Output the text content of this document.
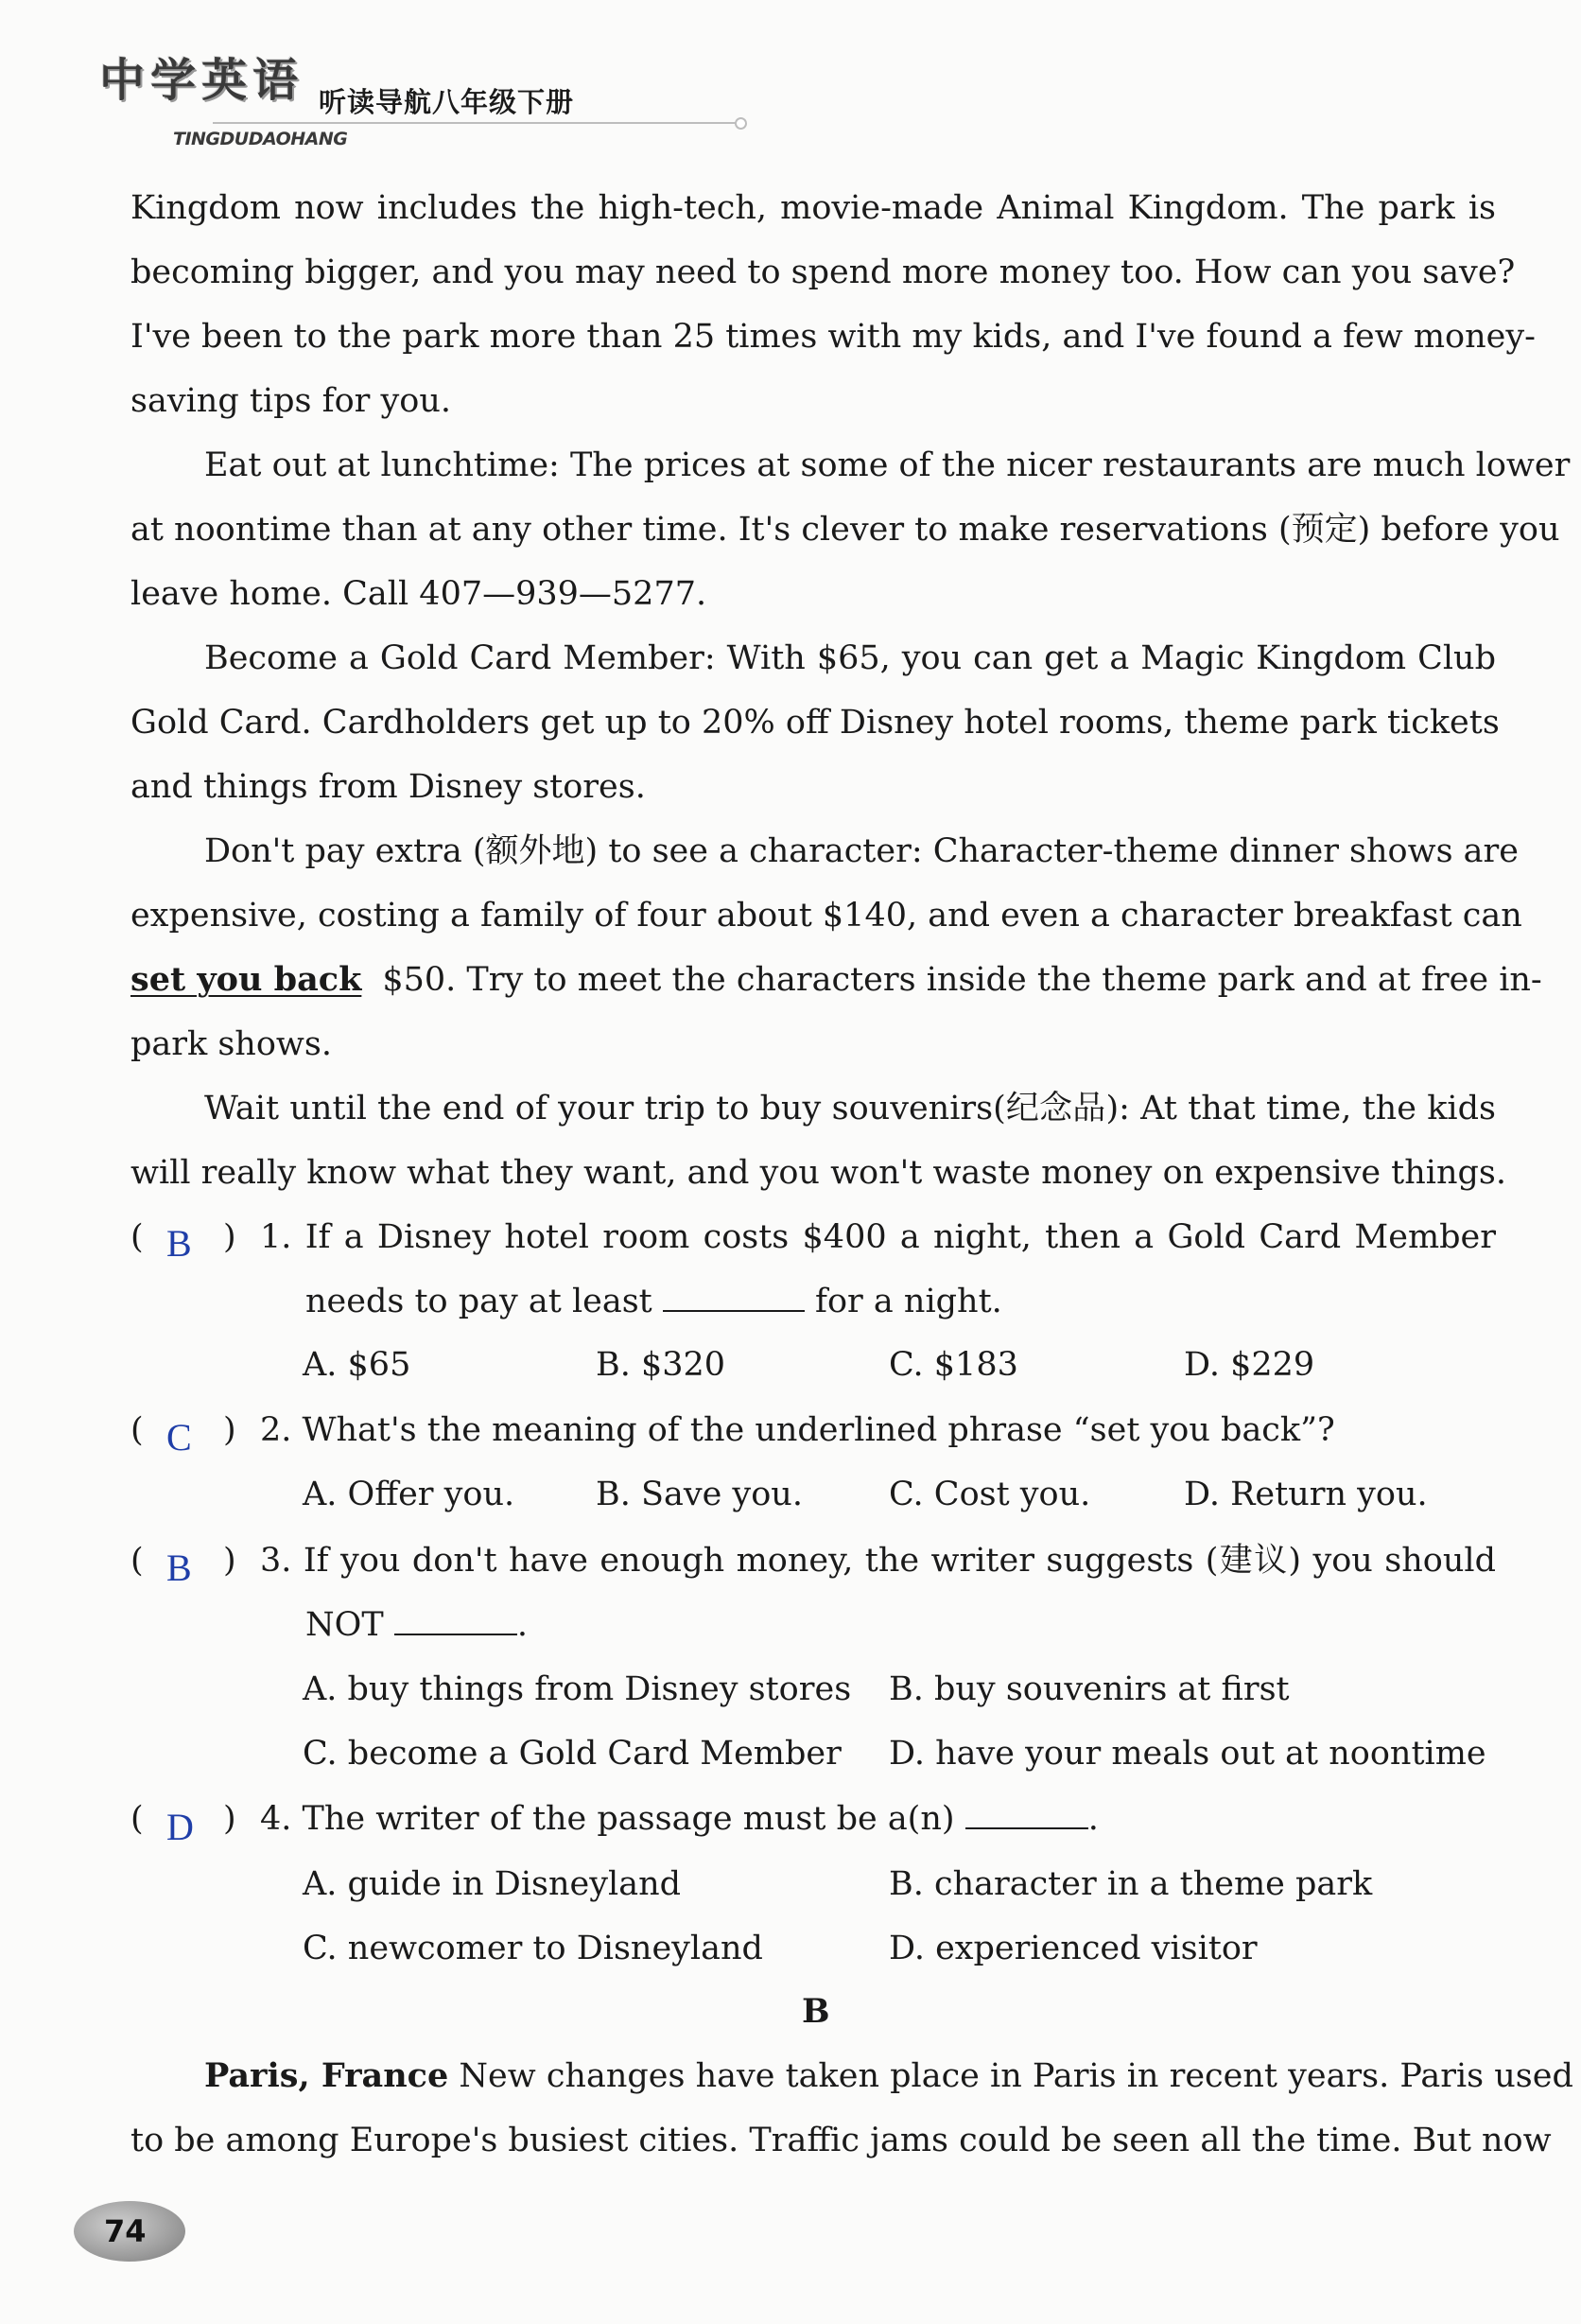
中学英语 听读导航八年级下册
TINGDUDAOHANG
Kingdom now includes the high-tech, movie-made Animal Kingdom. The park is
becoming bigger, and you may need to spend more money too. How can you save?
I've been to the park more than 25 times with my kids, and I've found a few money-
saving tips for you.
Eat out at lunchtime: The prices at some of the nicer restaurants are much lower
at noontime than at any other time. It's clever to make reservations (预定) before you
leave home. Call 407—939—5277.
Become a Gold Card Member: With $65, you can get a Magic Kingdom Club
Gold Card. Cardholders get up to 20% off Disney hotel rooms, theme park tickets
and things from Disney stores.
Don't pay extra (额外地) to see a character: Character-theme dinner shows are
expensive, costing a family of four about $140, and even a character breakfast can
set you back $50. Try to meet the characters inside the theme park and at free in-
park shows.
Wait until the end of your trip to buy souvenirs(纪念品): At that time, the kids
will really know what they want, and you won't waste money on expensive things.
( B ) 1. If a Disney hotel room costs $400 a night, then a Gold Card Member
needs to pay at least	for a night.
A. $65	B. $320	C. $183	D. $229
( C ) 2. What's the meaning of the underlined phrase “set you back”?
A. Offer you. B. Save you.	C. Cost you.	D. Return you.
( B ) 3. If you don't have enough money, the writer suggests (建议) you should
NOT	.
A. buy things from Disney stores B. buy souvenirs at first
C. become a Gold Card Member D. have your meals out at noontime
( D ) 4. The writer of the passage must be a(n)	.
A. guide in Disneyland	B. character in a theme park
C. newcomer to Disneyland	D. experienced visitor
B
Paris, France New changes have taken place in Paris in recent years. Paris used
to be among Europe's busiest cities. Traffic jams could be seen all the time. But now
74
